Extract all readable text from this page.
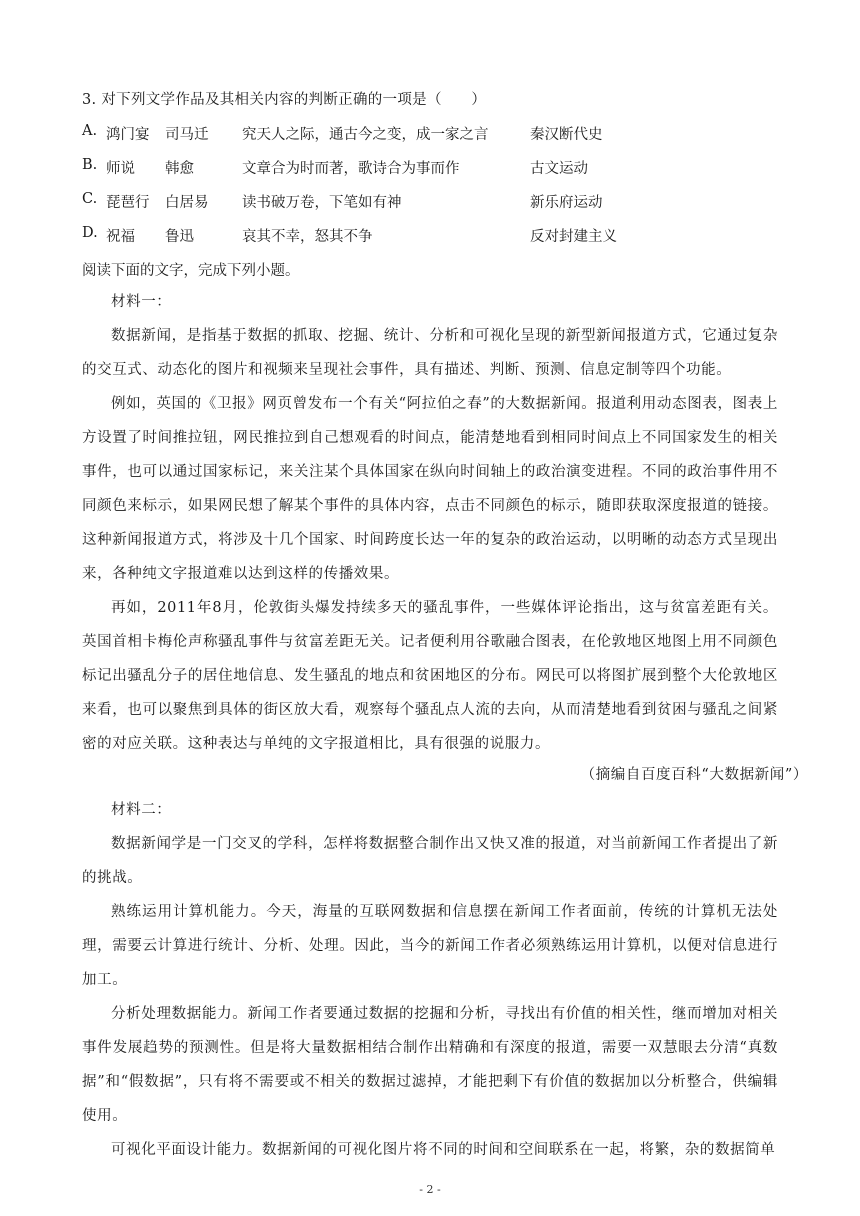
3. 对下列文学作品及其相关内容的判断正确的一项是（　　）
A. 鸿门宴 司马迁 究天人之际，通古今之变，成一家之言	秦汉断代史
B. 师说 韩愈	文章合为时而著，歌诗合为事而作	古文运动
C. 琵琶行 白居易 读书破万卷，下笔如有神	新乐府运动
D. 祝福 鲁迅	哀其不幸，怒其不争	反对封建主义
阅读下面的文字，完成下列小题。

材料一：

数据新闻，是指基于数据的抓取、挖掘、统计、分析和可视化呈现的新型新闻报道方式，它通过复杂的交互式、动态化的图片和视频来呈现社会事件，具有描述、判断、预测、信息定制等四个功能。

例如，英国的《卫报》网页曾发布一个有关“阿拉伯之春”的大数据新闻。报道利用动态图表，图表上方设置了时间推拉钮，网民推拉到自己想观看的时间点，能清楚地看到相同时间点上不同国家发生的相关事件，也可以通过国家标记，来关注某个具体国家在纵向时间轴上的政治演变进程。不同的政治事件用不同颜色来标示，如果网民想了解某个事件的具体内容，点击不同颜色的标示，随即获取深度报道的链接。这种新闻报道方式，将涉及十几个国家、时间跨度长达一年的复杂的政治运动，以明晰的动态方式呈现出来，各种纯文字报道难以达到这样的传播效果。

再如，2011年8月，伦敦街头爆发持续多天的骚乱事件，一些媒体评论指出，这与贫富差距有关。英国首相卡梅伦声称骚乱事件与贫富差距无关。记者便利用谷歌融合图表，在伦敦地区地图上用不同颜色标记出骚乱分子的居住地信息、发生骚乱的地点和贫困地区的分布。网民可以将图扩展到整个大伦敦地区来看，也可以聚焦到具体的街区放大看，观察每个骚乱点人流的去向，从而清楚地看到贫困与骚乱之间紧密的对应关联。这种表达与单纯的文字报道相比，具有很强的说服力。

（摘编自百度百科“大数据新闻”）

材料二：

数据新闻学是一门交叉的学科，怎样将数据整合制作出又快又准的报道，对当前新闻工作者提出了新的挑战。

熟练运用计算机能力。今天，海量的互联网数据和信息摆在新闻工作者面前，传统的计算机无法处理，需要云计算进行统计、分析、处理。因此，当今的新闻工作者必须熟练运用计算机，以便对信息进行加工。

分析处理数据能力。新闻工作者要通过数据的挖掘和分析，寻找出有价值的相关性，继而增加对相关事件发展趋势的预测性。但是将大量数据相结合制作出精确和有深度的报道，需要一双慧眼去分清“真数据”和“假数据”，只有将不需要或不相关的数据过滤掉，才能把剩下有价值的数据加以分析整合，供编辑使用。

可视化平面设计能力。数据新闻的可视化图片将不同的时间和空间联系在一起，将繁，杂的数据简单

- 2 -
